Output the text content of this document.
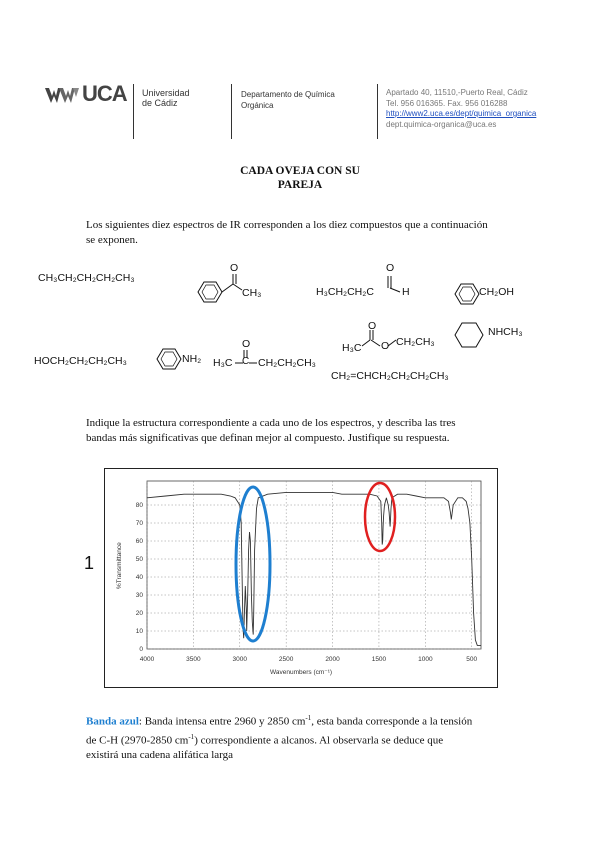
UCA Universidad
de Cádiz
Departamento de Química
Orgánica
Apartado 40, 11510,-Puerto Real, Cádiz
Tel. 956 016365. Fax. 956 016288
http://www2.uca.es/dept/quimica_organica
dept.quimica-organica@uca.es
CADA OVEJA CON SU
PAREJA
Los siguientes diez espectros de IR corresponden a los diez compuestos que a continuación
se exponen.
CH₃CH₂CH₂CH₂CH₃
O
CH₃	H₃CH₂CH₂C
O
H	CH₂OH
NHCH₃
HOCH₂CH₂CH₂CH₃	NH₂ H₃C C
O
CH₂CH₂CH₃
H₃C
O
O CH₂CH₃
CH₂=CHCH₂CH₂CH₂CH₃
Indique la estructura correspondiente a cada uno de los espectros, y describa las tres
bandas más significativas que definan mejor al compuesto. Justifique su respuesta.
1
4000	3500	3000	2500	2000	1500	1000	500
0
10
20
30
40
50
60
70
80
%Transmittance
Wavenumbers (cm⁻¹)
Banda azul: Banda intensa entre 2960 y 2850 $cm^{-1}$, esta banda corresponde a la tensión
de C-H (2970-2850 $cm^{-1}$) correspondiente a alcanos. Al observarla se deduce que
existirá una cadena alifática larga
